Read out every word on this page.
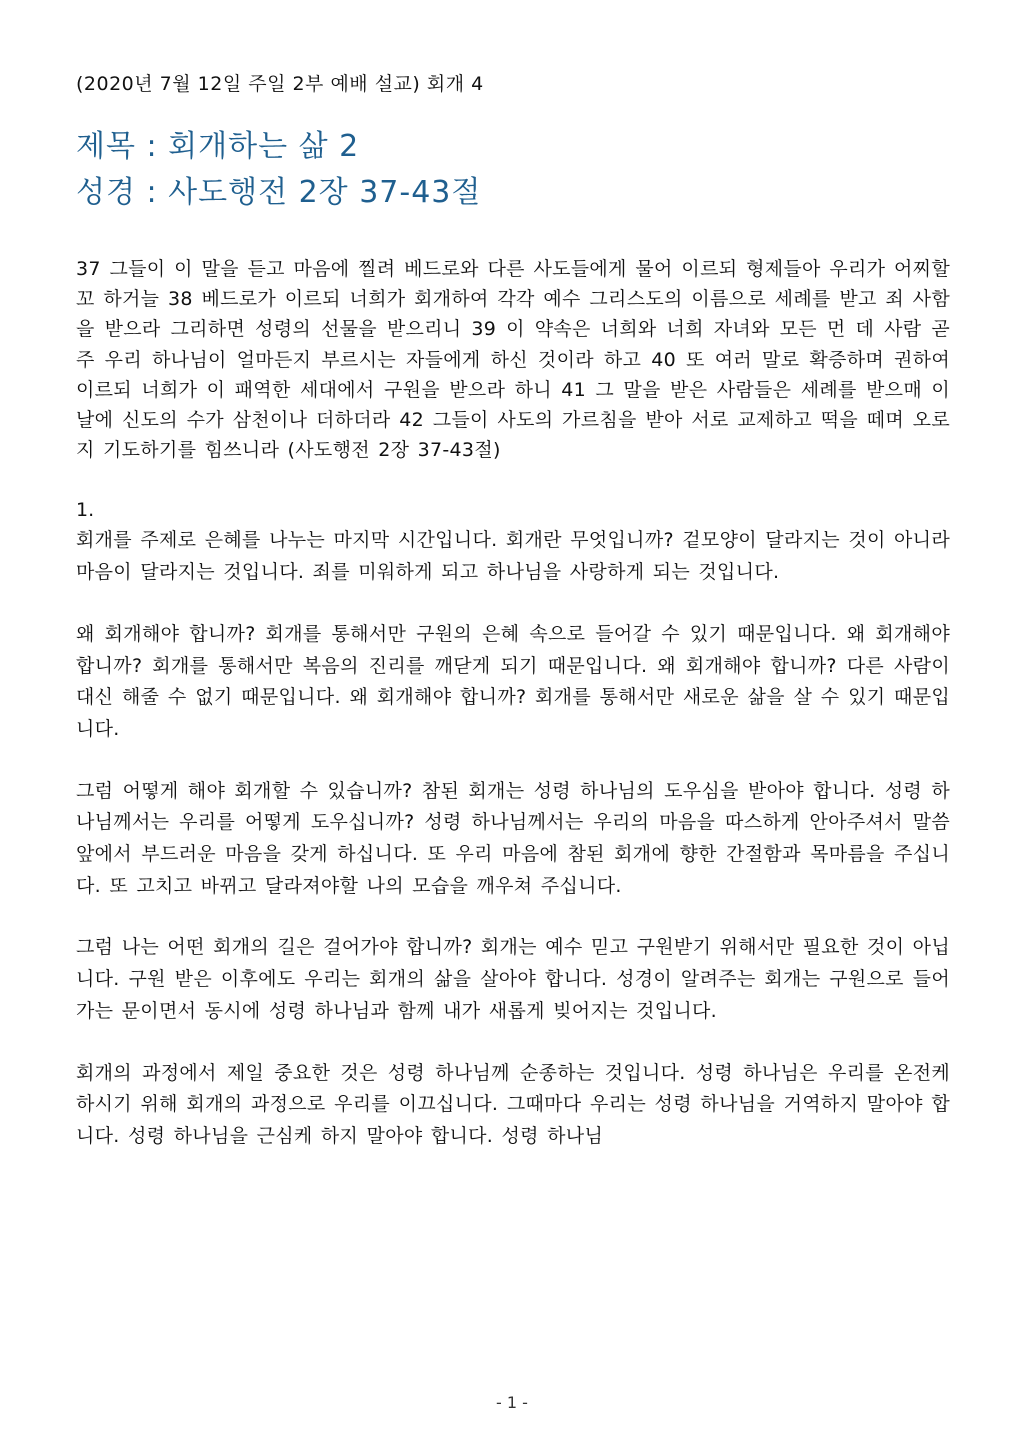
(2020년 7월 12일 주일 2부 예배 설교) 회개 4
제목 : 회개하는 삶 2
성경 : 사도행전 2장 37-43절
37 그들이 이 말을 듣고 마음에 찔려 베드로와 다른 사도들에게 물어 이르되 형제들아 우리가 어찌할꼬 하거늘 38 베드로가 이르되 너희가 회개하여 각각 예수 그리스도의 이름으로 세례를 받고 죄 사함을 받으라 그리하면 성령의 선물을 받으리니 39 이 약속은 너희와 너희 자녀와 모든 먼 데 사람 곧 주 우리 하나님이 얼마든지 부르시는 자들에게 하신 것이라 하고 40 또 여러 말로 확증하며 권하여 이르되 너희가 이 패역한 세대에서 구원을 받으라 하니 41 그 말을 받은 사람들은 세례를 받으매 이 날에 신도의 수가 삼천이나 더하더라 42 그들이 사도의 가르침을 받아 서로 교제하고 떡을 떼며 오로지 기도하기를 힘쓰니라 (사도행전 2장 37-43절)
1.
회개를 주제로 은혜를 나누는 마지막 시간입니다. 회개란 무엇입니까? 겉모양이 달라지는 것이 아니라 마음이 달라지는 것입니다. 죄를 미워하게 되고 하나님을 사랑하게 되는 것입니다.
왜 회개해야 합니까? 회개를 통해서만 구원의 은혜 속으로 들어갈 수 있기 때문입니다. 왜 회개해야 합니까? 회개를 통해서만 복음의 진리를 깨닫게 되기 때문입니다. 왜 회개해야 합니까? 다른 사람이 대신 해줄 수 없기 때문입니다. 왜 회개해야 합니까? 회개를 통해서만 새로운 삶을 살 수 있기 때문입니다.
그럼 어떻게 해야 회개할 수 있습니까? 참된 회개는 성령 하나님의 도우심을 받아야 합니다. 성령 하나님께서는 우리를 어떻게 도우십니까? 성령 하나님께서는 우리의 마음을 따스하게 안아주셔서 말씀 앞에서 부드러운 마음을 갖게 하십니다. 또 우리 마음에 참된 회개에 향한 간절함과 목마름을 주십니다. 또 고치고 바뀌고 달라져야할 나의 모습을 깨우쳐 주십니다.
그럼 나는 어떤 회개의 길은 걸어가야 합니까? 회개는 예수 믿고 구원받기 위해서만 필요한 것이 아닙니다. 구원 받은 이후에도 우리는 회개의 삶을 살아야 합니다. 성경이 알려주는 회개는 구원으로 들어가는 문이면서 동시에 성령 하나님과 함께 내가 새롭게 빚어지는 것입니다.
회개의 과정에서 제일 중요한 것은 성령 하나님께 순종하는 것입니다. 성령 하나님은 우리를 온전케 하시기 위해 회개의 과정으로 우리를 이끄십니다. 그때마다 우리는 성령 하나님을 거역하지 말아야 합니다. 성령 하나님을 근심케 하지 말아야 합니다. 성령 하나님
- 1 -
